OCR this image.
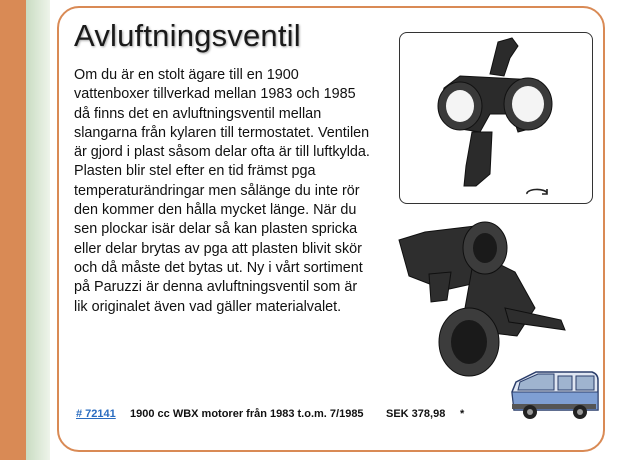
Avluftningsventil

Om du är en stolt ägare till en 1900 vattenboxer tillverkad mellan 1983 och 1985 då finns det en avluftningsventil mellan slangarna från kylaren till termostatet. Ventilen är gjord i plast såsom delar ofta är till luftkylda.

Plasten blir stel efter en tid främst pga temperaturändringar men sålänge du inte rör den kommer den hålla mycket länge. När du sen plockar isär delar så kan plasten spricka eller delar brytas av pga att plasten blivit skör och då måste det bytas ut. Ny i vårt sortiment på Paruzzi är denna avluftningsventil som är lik originalet även vad gäller materialvalet.

# 72141 1900 cc WBX motorer från 1983 t.o.m. 7/1985 SEK 378,98 *
